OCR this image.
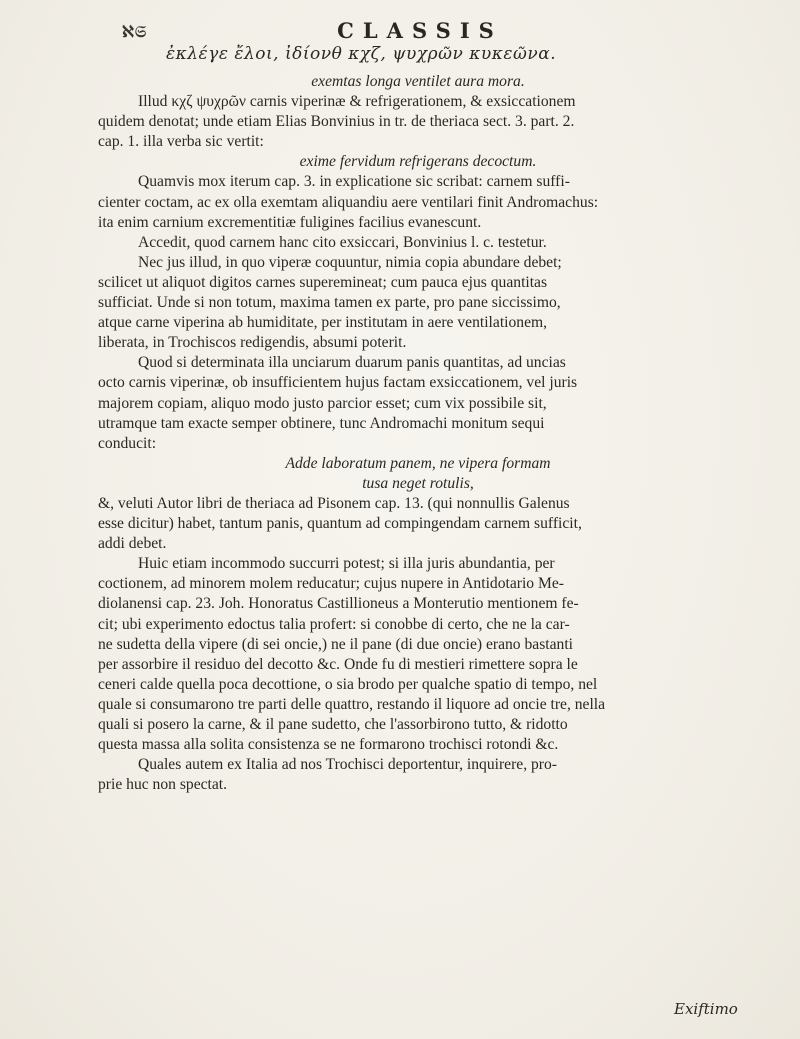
ℵ𝔖	CLASSIS
ἐκλέγε ἔλοι, ἰδίονθ κχζ, ψυχρῶν κυκεῶνα.
exemtas longa ventilet aura mora.
Illud κχζ ψυχρῶν carnis viperinæ & refrigerationem, & exsiccationem
quidem denotat; unde etiam Elias Bonvinius in tr. de theriaca sect. 3. part. 2.
cap. 1. illa verba sic vertit:
exime fervidum refrigerans decoctum.
Quamvis mox iterum cap. 3. in explicatione sic scribat: carnem suffi-
cienter coctam, ac ex olla exemtam aliquandiu aere ventilari finit Andromachus:
ita enim carnium excrementitiæ fuligines facilius evanescunt.
Accedit, quod carnem hanc cito exsiccari, Bonvinius l. c. testetur.
Nec jus illud, in quo viperæ coquuntur, nimia copia abundare debet;
scilicet ut aliquot digitos carnes superemineat; cum pauca ejus quantitas
sufficiat. Unde si non totum, maxima tamen ex parte, pro pane siccissimo,
atque carne viperina ab humiditate, per institutam in aere ventilationem,
liberata, in Trochiscos redigendis, absumi poterit.
Quod si determinata illa unciarum duarum panis quantitas, ad uncias
octo carnis viperinæ, ob insufficientem hujus factam exsiccationem, vel juris
majorem copiam, aliquo modo justo parcior esset; cum vix possibile sit,
utramque tam exacte semper obtinere, tunc Andromachi monitum sequi
conducit:
Adde laboratum panem, ne vipera formam
tusa neget rotulis,
&, veluti Autor libri de theriaca ad Pisonem cap. 13. (qui nonnullis Galenus
esse dicitur) habet, tantum panis, quantum ad compingendam carnem sufficit,
addi debet.
Huic etiam incommodo succurri potest; si illa juris abundantia, per
coctionem, ad minorem molem reducatur; cujus nupere in Antidotario Me-
diolanensi cap. 23. Joh. Honoratus Castillioneus a Monterutio mentionem fe-
cit; ubi experimento edoctus talia profert: si conobbe di certo, che ne la car-
ne sudetta della vipere (di sei oncie,) ne il pane (di due oncie) erano bastanti
per assorbire il residuo del decotto &c. Onde fu di mestieri rimettere sopra le
ceneri calde quella poca decottione, o sia brodo per qualche spatio di tempo, nel
quale si consumarono tre parti delle quattro, restando il liquore ad oncie tre, nella
quali si posero la carne, & il pane sudetto, che l'assorbirono tutto, & ridotto
questa massa alla solita consistenza se ne formarono trochisci rotondi &c.
Quales autem ex Italia ad nos Trochisci deportentur, inquirere, pro-
prie huc non spectat.
Exiftimo
